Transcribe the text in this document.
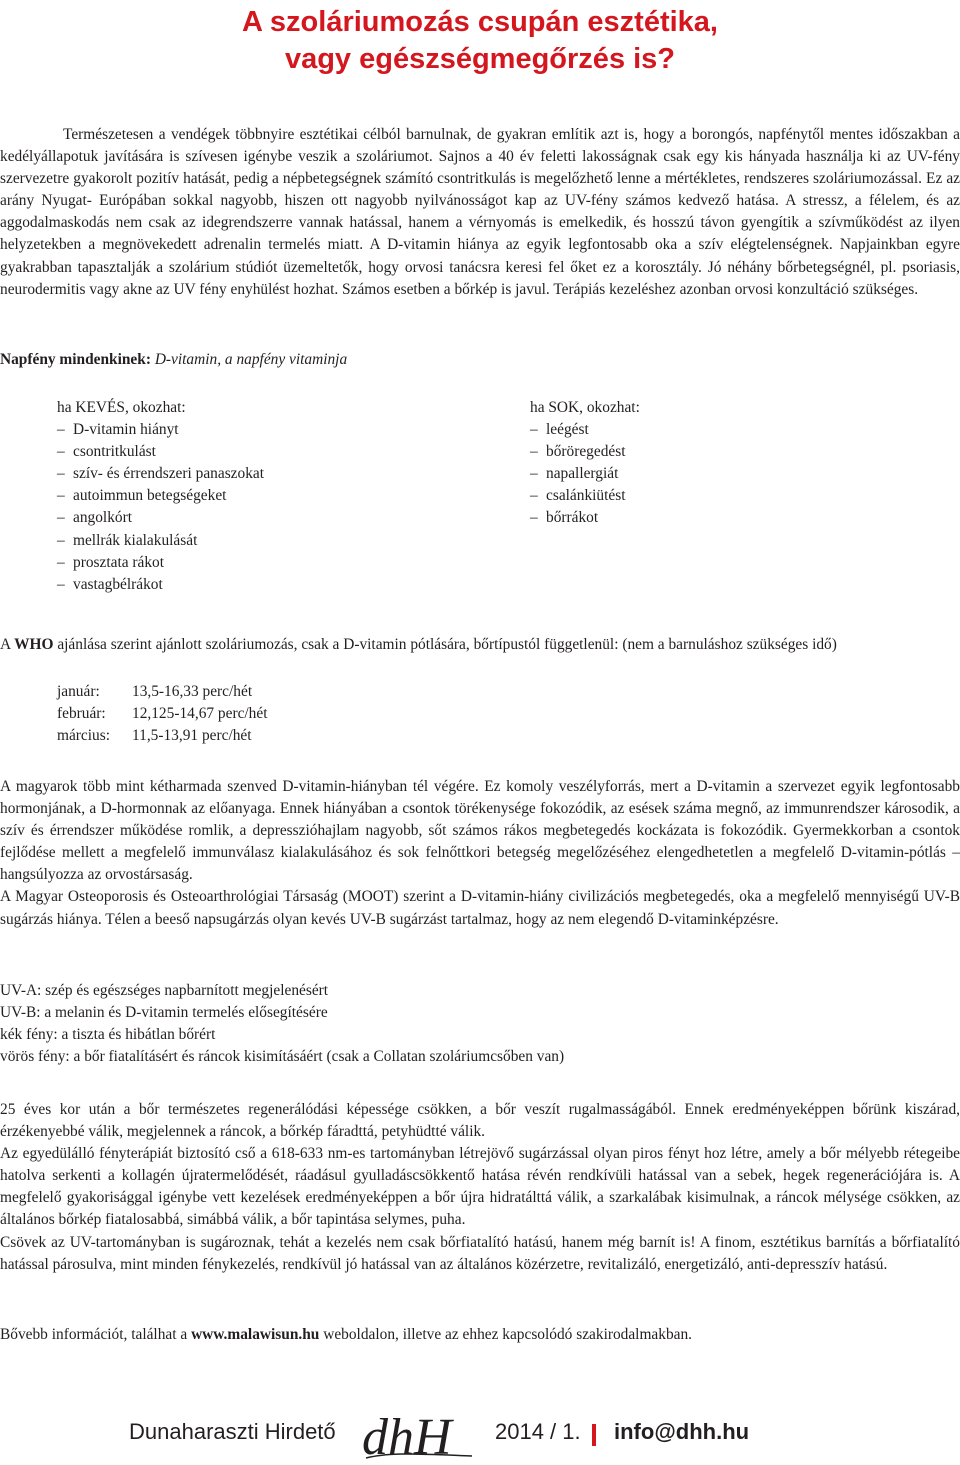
A szoláriumozás csupán esztétika,
vagy egészségmegőrzés is?

Természetesen a vendégek többnyire esztétikai célból barnulnak, de gyakran említik azt is, hogy a borongós, napfénytől mentes időszakban a kedélyállapotuk javítására is szívesen igénybe veszik a szoláriumot. Sajnos a 40 év feletti lakosságnak csak egy kis hányada használja ki az UV-fény szervezetre gyakorolt pozitív hatását, pedig a népbetegségnek számító csontritkulás is megelőzhető lenne a mértékletes, rendszeres szoláriumozással. Ez az arány Nyugat- Európában sokkal nagyobb, hiszen ott nagyobb nyilvánosságot kap az UV-fény számos kedvező hatása. A stressz, a félelem, és az aggodalmaskodás nem csak az idegrendszerre vannak hatással, hanem a vérnyomás is emelkedik, és hosszú távon gyengítik a szívműködést az ilyen helyzetekben a megnövekedett adrenalin termelés miatt. A D-vitamin hiánya az egyik legfontosabb oka a szív elégtelenségnek. Napjainkban egyre gyakrabban tapasztalják a szolárium stúdiót üzemeltetők, hogy orvosi tanácsra keresi fel őket ez a korosztály. Jó néhány bőrbetegségnél, pl. psoriasis, neurodermitis vagy akne az UV fény enyhülést hozhat. Számos esetben a bőrkép is javul. Terápiás kezeléshez azonban orvosi konzultáció szükséges.

Napfény mindenkinek: D-vitamin, a napfény vitaminja
ha KEVÉS, okozhat:
– D-vitamin hiányt
– csontritkulást
– szív- és érrendszeri panaszokat
– autoimmun betegségeket
– angolkórt
– mellrák kialakulását
– prosztata rákot
– vastagbélrákot
ha SOK, okozhat:
– leégést
– bőröregedést
– napallergiát
– csalánkiütést
– bőrrákot
A WHO ajánlása szerint ajánlott szoláriumozás, csak a D-vitamin pótlására, bőrtípustól függetlenül: (nem a barnuláshoz szükséges idő)
január: 13,5-16,33 perc/hét
február: 12,125-14,67 perc/hét
március: 11,5-13,91 perc/hét

A magyarok több mint kétharmada szenved D-vitamin-hiányban tél végére. Ez komoly veszélyforrás, mert a D-vitamin a szervezet egyik legfontosabb hormonjának, a D-hormonnak az előanyaga. Ennek hiányában a csontok törékenysége fokozódik, az esések száma megnő, az immunrendszer károsodik, a szív és érrendszer működése romlik, a depresszióhajlam nagyobb, sőt számos rákos megbetegedés kockázata is fokozódik. Gyermekkorban a csontok fejlődése mellett a megfelelő immunválasz kialakulásához és sok felnőttkori betegség megelőzéséhez elengedhetetlen a megfelelő D-vitamin-pótlás – hangsúlyozza az orvostársaság.

A Magyar Osteoporosis és Osteoarthrológiai Társaság (MOOT) szerint a D-vitamin-hiány civilizációs megbetegedés, oka a megfelelő mennyiségű UV-B sugárzás hiánya. Télen a beeső napsugárzás olyan kevés UV-B sugárzást tartalmaz, hogy az nem elegendő D-vitaminképzésre.

UV-A: szép és egészséges napbarnított megjelenésért
UV-B: a melanin és D-vitamin termelés elősegítésére
kék fény: a tiszta és hibátlan bőrért
vörös fény: a bőr fiatalításért és ráncok kisimításáért (csak a Collatan szoláriumcsőben van)

25 éves kor után a bőr természetes regenerálódási képessége csökken, a bőr veszít rugalmasságából. Ennek eredményeképpen bőrünk kiszárad, érzékenyebbé válik, megjelennek a ráncok, a bőrkép fáradttá, petyhüdtté válik.

Az egyedülálló fényterápiát biztosító cső a 618-633 nm-es tartományban létrejövő sugárzással olyan piros fényt hoz létre, amely a bőr mélyebb rétegeibe hatolva serkenti a kollagén újratermelődését, ráadásul gyulladáscsökkentő hatása révén rendkívüli hatással van a sebek, hegek regenerációjára is. A megfelelő gyakorisággal igénybe vett kezelések eredményeképpen a bőr újra hidratálttá válik, a szarkalábak kisimulnak, a ráncok mélysége csökken, az általános bőrkép fiatalosabbá, simábbá válik, a bőr tapintása selymes, puha.

Csövek az UV-tartományban is sugároznak, tehát a kezelés nem csak bőrfiatalító hatású, hanem még barnít is! A finom, esztétikus barnítás a bőrfiatalító hatással párosulva, mint minden fénykezelés, rendkívül jó hatással van az általános közérzetre, revitalizáló, energetizáló, anti-depresszív hatású.

Bővebb információt, találhat a www.malawisun.hu weboldalon, illetve az ehhez kapcsolódó szakirodalmakban.
Dunaharaszti Hirdető dhH 2014 / 1. info@dhh.hu
